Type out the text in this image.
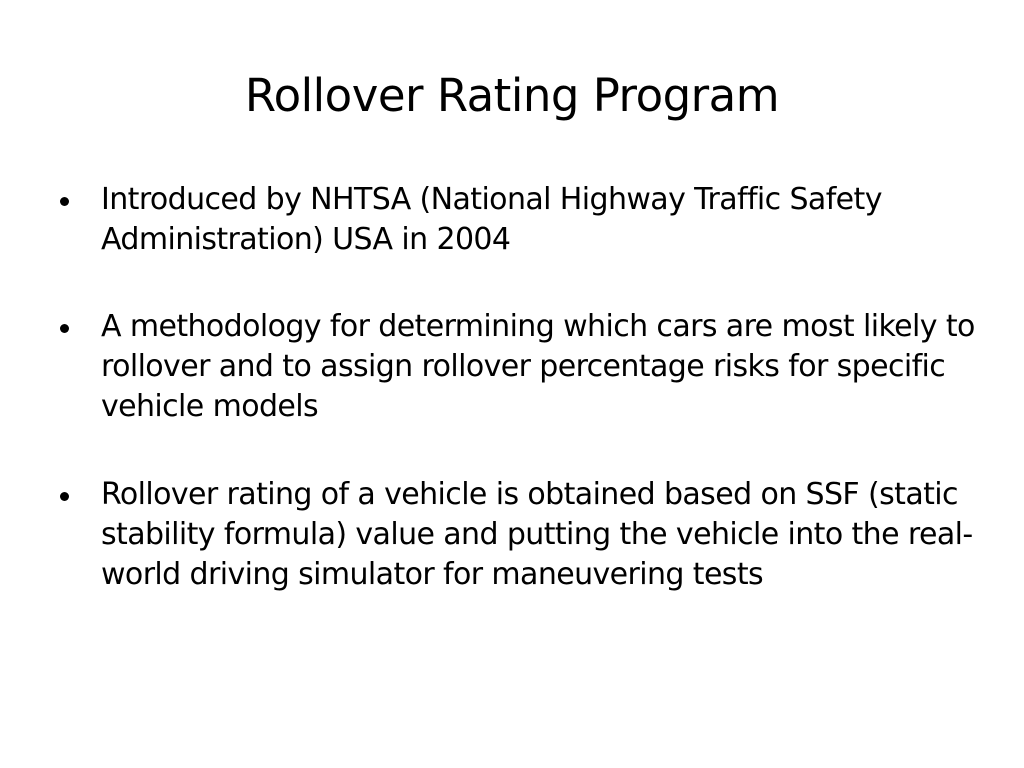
Rollover Rating Program
Introduced by NHTSA (National Highway Traffic Safety Administration) USA in 2004
A methodology for determining which cars are most likely to rollover and to assign rollover percentage risks for specific vehicle models
Rollover rating of a vehicle is obtained based on SSF (static stability formula) value and putting the vehicle into the real-world driving simulator for maneuvering tests
